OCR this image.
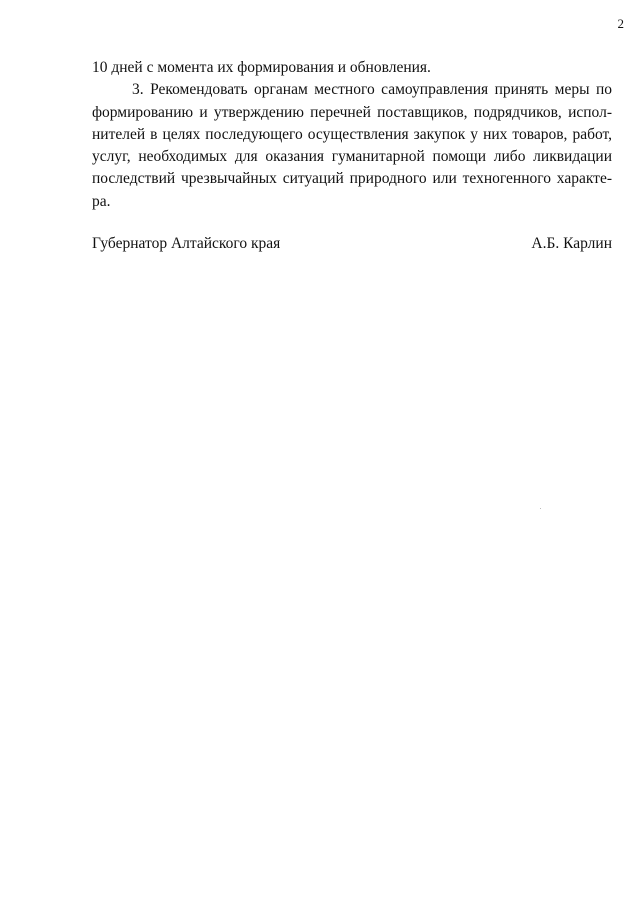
2

10 дней с момента их формирования и обновления.

3. Рекомендовать органам местного самоуправления принять меры по
формированию и утверждению перечней поставщиков, подрядчиков, испол-
нителей в целях последующего осуществления закупок у них товаров, работ,
услуг, необходимых для оказания гуманитарной помощи либо ликвидации
последствий чрезвычайных ситуаций природного или техногенного характе-
ра.

Губернатор Алтайского края	А.Б. Карлин
